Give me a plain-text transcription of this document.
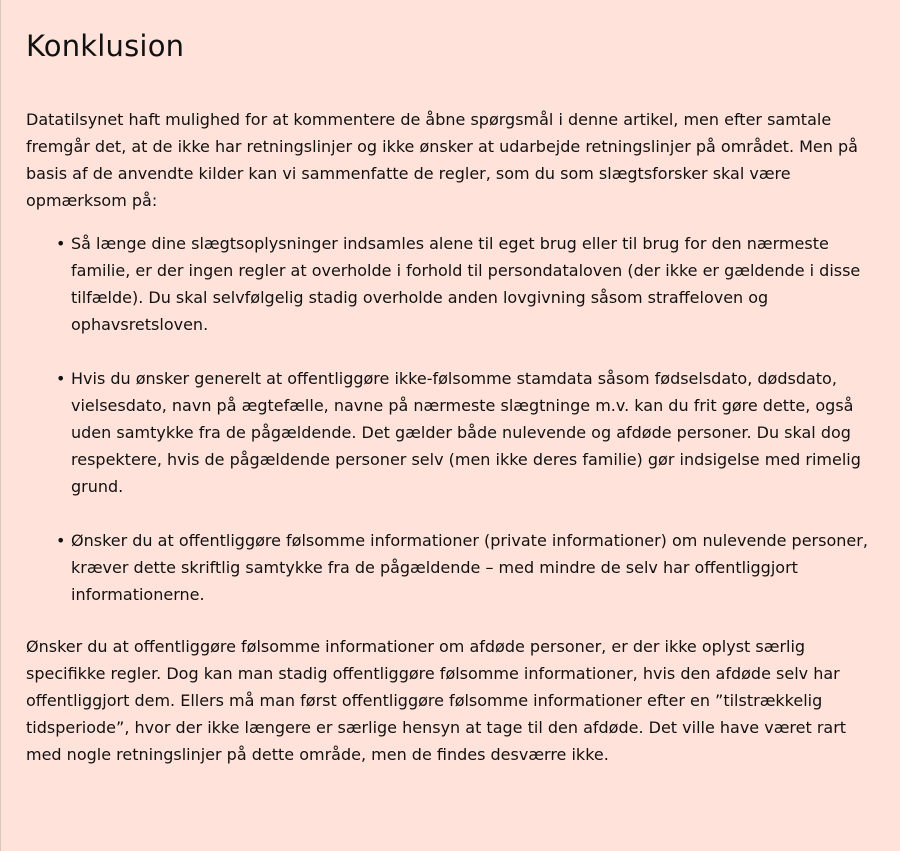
Konklusion

Datatilsynet haft mulighed for at kommentere de åbne spørgsmål i denne artikel, men efter samtale fremgår det, at de ikke har retningslinjer og ikke ønsker at udarbejde retningslinjer på området. Men på basis af de anvendte kilder kan vi sammenfatte de regler, som du som slægtsforsker skal være opmærksom på:

• Så længe dine slægtsoplysninger indsamles alene til eget brug eller til brug for den nærmeste familie, er der ingen regler at overholde i forhold til persondataloven (der ikke er gældende i disse tilfælde). Du skal selvfølgelig stadig overholde anden lovgivning såsom straffeloven og ophavsretsloven.
• Hvis du ønsker generelt at offentliggøre ikke-følsomme stamdata såsom fødselsdato, dødsdato, vielsesdato, navn på ægtefælle, navne på nærmeste slægtninge m.v. kan du frit gøre dette, også uden samtykke fra de pågældende. Det gælder både nulevende og afdøde personer. Du skal dog respektere, hvis de pågældende personer selv (men ikke deres familie) gør indsigelse med rimelig grund.
• Ønsker du at offentliggøre følsomme informationer (private informationer) om nulevende personer, kræver dette skriftlig samtykke fra de pågældende – med mindre de selv har offentliggjort informationerne.

Ønsker du at offentliggøre følsomme informationer om afdøde personer, er der ikke oplyst særlig specifikke regler. Dog kan man stadig offentliggøre følsomme informationer, hvis den afdøde selv har offentliggjort dem. Ellers må man først offentliggøre følsomme informationer efter en ”tilstrækkelig tidsperiode”, hvor der ikke længere er særlige hensyn at tage til den afdøde. Det ville have været rart med nogle retningslinjer på dette område, men de findes desværre ikke.
